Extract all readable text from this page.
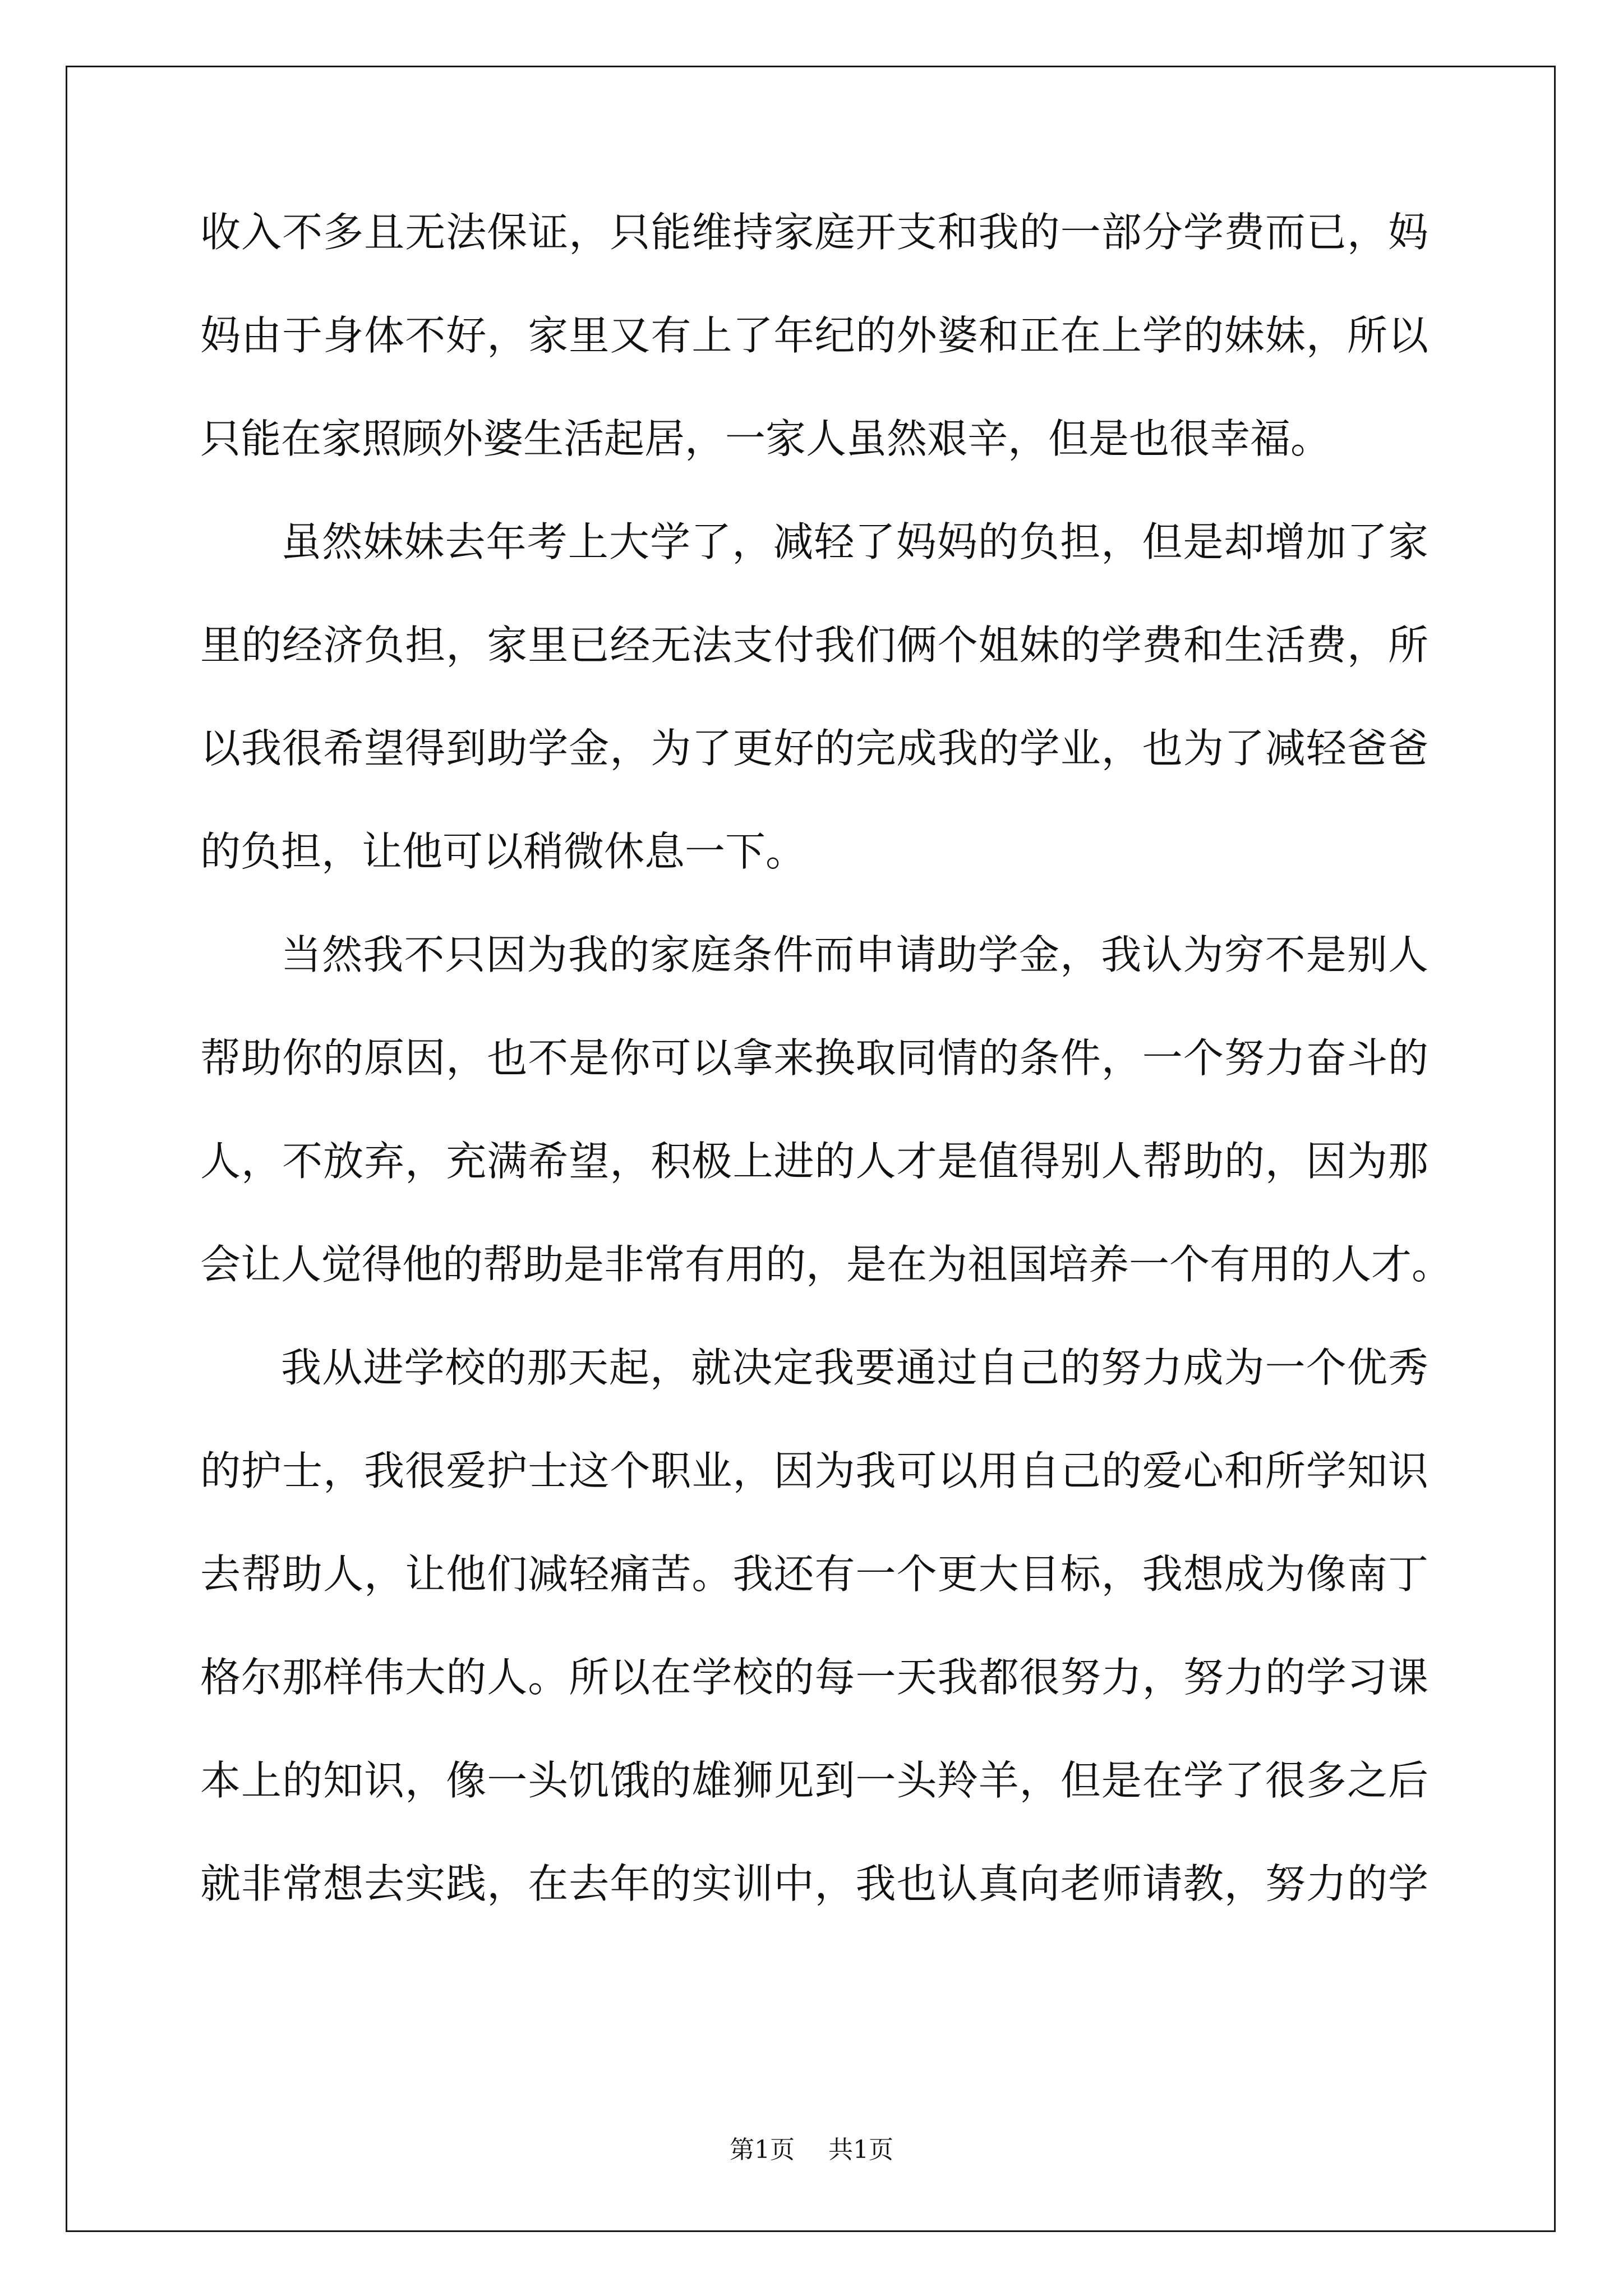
收入不多且无法保证，只能维持家庭开支和我的一部分学费而已，妈
妈由于身体不好，家里又有上了年纪的外婆和正在上学的妹妹，所以
只能在家照顾外婆生活起居，一家人虽然艰辛，但是也很幸福。
虽然妹妹去年考上大学了，减轻了妈妈的负担，但是却增加了家
里的经济负担，家里已经无法支付我们俩个姐妹的学费和生活费，所
以我很希望得到助学金，为了更好的完成我的学业，也为了减轻爸爸
的负担，让他可以稍微休息一下。
当然我不只因为我的家庭条件而申请助学金，我认为穷不是别人
帮助你的原因，也不是你可以拿来换取同情的条件，一个努力奋斗的
人，不放弃，充满希望，积极上进的人才是值得别人帮助的，因为那
会让人觉得他的帮助是非常有用的，是在为祖国培养一个有用的人才。
我从进学校的那天起，就决定我要通过自己的努力成为一个优秀
的护士，我很爱护士这个职业，因为我可以用自己的爱心和所学知识
去帮助人，让他们减轻痛苦。我还有一个更大目标，我想成为像南丁
格尔那样伟大的人。所以在学校的每一天我都很努力，努力的学习课
本上的知识，像一头饥饿的雄狮见到一头羚羊，但是在学了很多之后
就非常想去实践，在去年的实训中，我也认真向老师请教，努力的学
第1页 共1页
